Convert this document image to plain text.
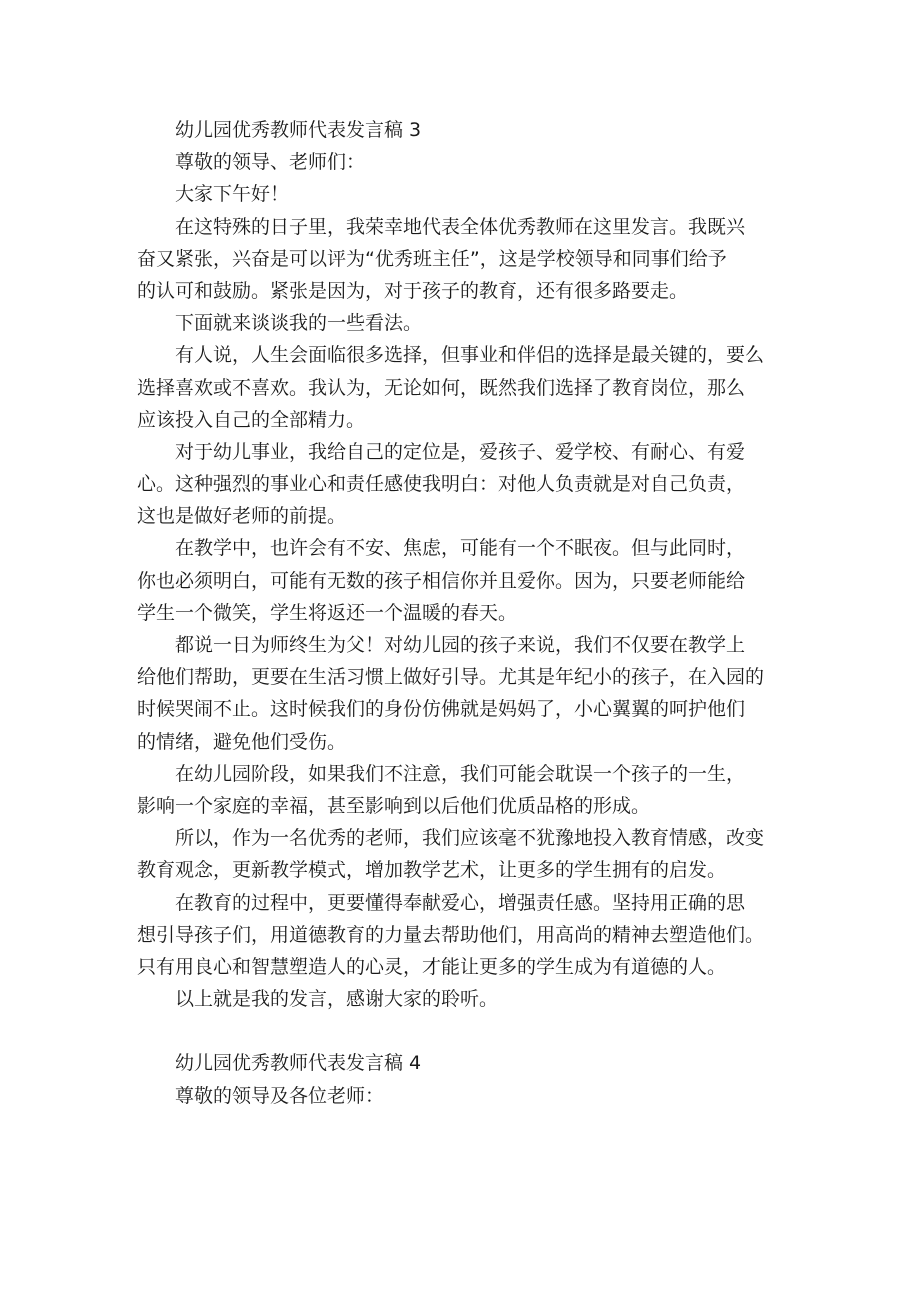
幼儿园优秀教师代表发言稿 3
尊敬的领导、老师们：
大家下午好！
在这特殊的日子里，我荣幸地代表全体优秀教师在这里发言。我既兴
奋又紧张，兴奋是可以评为“优秀班主任”，这是学校领导和同事们给予
的认可和鼓励。紧张是因为，对于孩子的教育，还有很多路要走。
下面就来谈谈我的一些看法。
有人说，人生会面临很多选择，但事业和伴侣的选择是最关键的，要么
选择喜欢或不喜欢。我认为，无论如何，既然我们选择了教育岗位，那么
应该投入自己的全部精力。
对于幼儿事业，我给自己的定位是，爱孩子、爱学校、有耐心、有爱
心。这种强烈的事业心和责任感使我明白：对他人负责就是对自己负责，
这也是做好老师的前提。
在教学中，也许会有不安、焦虑，可能有一个不眠夜。但与此同时，
你也必须明白，可能有无数的孩子相信你并且爱你。因为，只要老师能给
学生一个微笑，学生将返还一个温暖的春天。
都说一日为师终生为父！对幼儿园的孩子来说，我们不仅要在教学上
给他们帮助，更要在生活习惯上做好引导。尤其是年纪小的孩子，在入园的
时候哭闹不止。这时候我们的身份仿佛就是妈妈了，小心翼翼的呵护他们
的情绪，避免他们受伤。
在幼儿园阶段，如果我们不注意，我们可能会耽误一个孩子的一生，
影响一个家庭的幸福，甚至影响到以后他们优质品格的形成。
所以，作为一名优秀的老师，我们应该毫不犹豫地投入教育情感，改变
教育观念，更新教学模式，增加教学艺术，让更多的学生拥有的启发。
在教育的过程中，更要懂得奉献爱心，增强责任感。坚持用正确的思
想引导孩子们，用道德教育的力量去帮助他们，用高尚的精神去塑造他们。
只有用良心和智慧塑造人的心灵，才能让更多的学生成为有道德的人。
以上就是我的发言，感谢大家的聆听。
幼儿园优秀教师代表发言稿 4
尊敬的领导及各位老师：
